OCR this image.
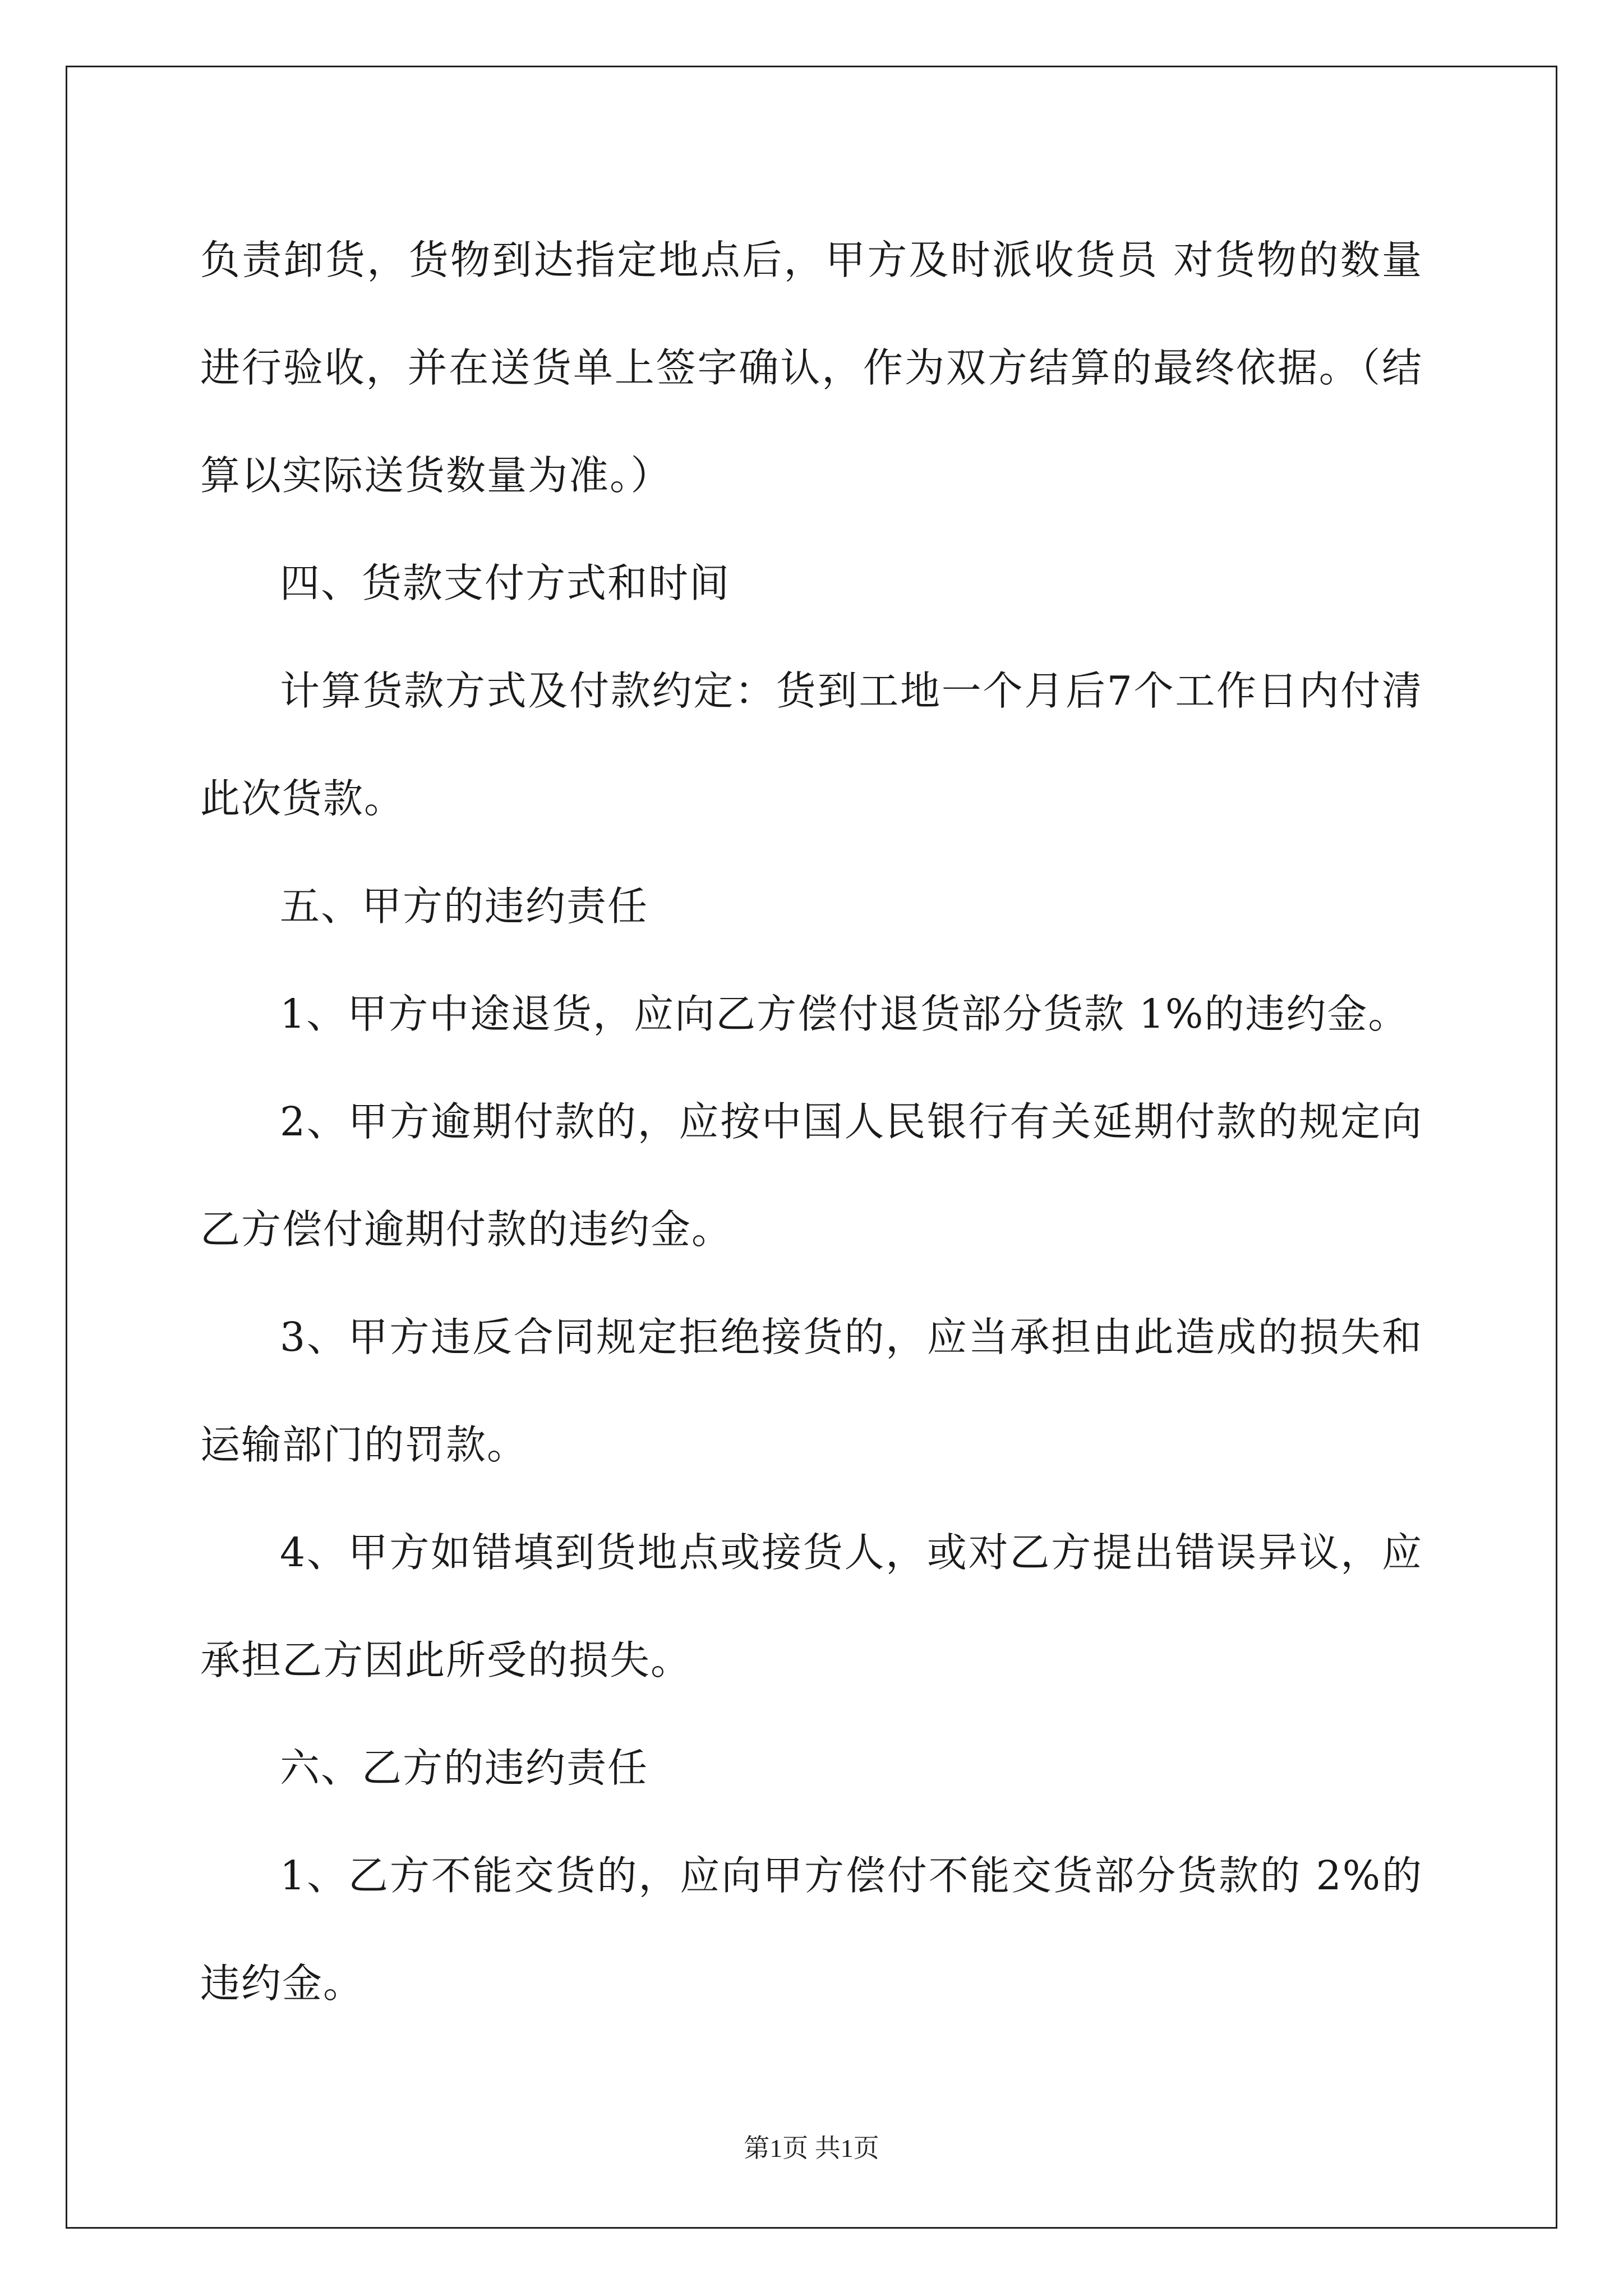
负责卸货，货物到达指定地点后，甲方及时派收货员 对货物的数量进行验收，并在送货单上签字确认，作为双方结算的最终依据。（结算以实际送货数量为准。）

四、货款支付方式和时间

计算货款方式及付款约定：货到工地一个月后7个工作日内付清此次货款。

五、甲方的违约责任

1、甲方中途退货，应向乙方偿付退货部分货款 1%的违约金。

2、甲方逾期付款的，应按中国人民银行有关延期付款的规定向乙方偿付逾期付款的违约金。

3、甲方违反合同规定拒绝接货的，应当承担由此造成的损失和运输部门的罚款。

4、甲方如错填到货地点或接货人，或对乙方提出错误异议，应承担乙方因此所受的损失。

六、乙方的违约责任

1、乙方不能交货的，应向甲方偿付不能交货部分货款的 2%的违约金。

第1页 共1页
